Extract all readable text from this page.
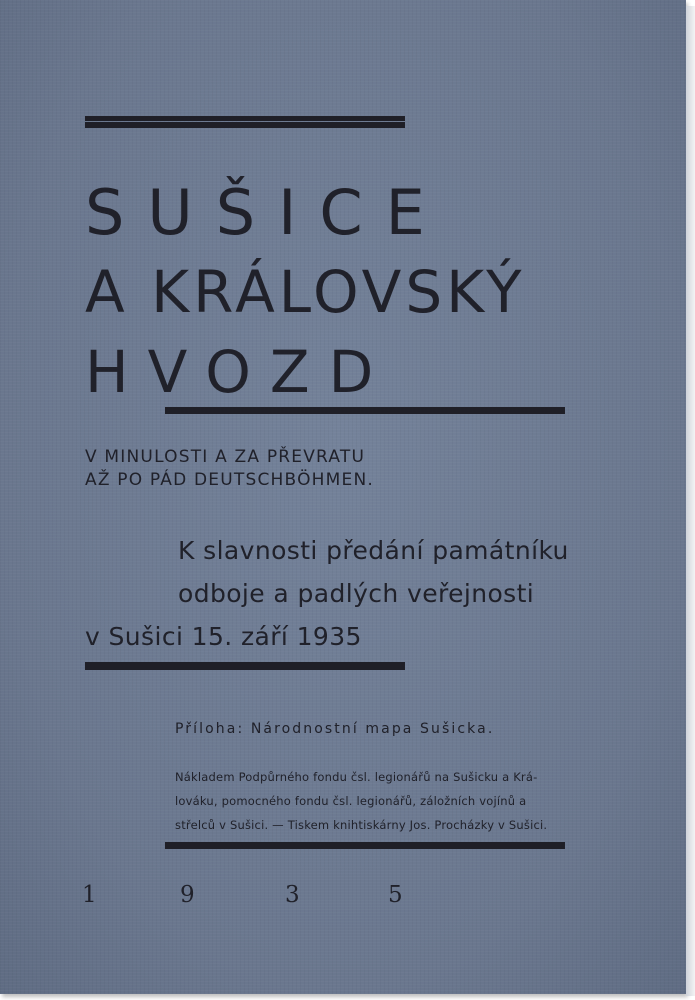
SUŠICE
A KRÁLOVSKÝ
HVOZD
V MINULOSTI A ZA PŘEVRATU
AŽ PO PÁD DEUTSCHBÖHMEN.
K slavnosti předání památníku
odboje a padlých veřejnosti
v Sušici 15. září 1935
Příloha: Národnostní mapa Sušicka.
Nákladem Podpůrného fondu čsl. legionářů na Sušicku a Krá-
lováku, pomocného fondu čsl. legionářů, záložních vojínů a
střelců v Sušici. — Tiskem knihtiskárny Jos. Procházky v Sušici.
1	9	3	5
